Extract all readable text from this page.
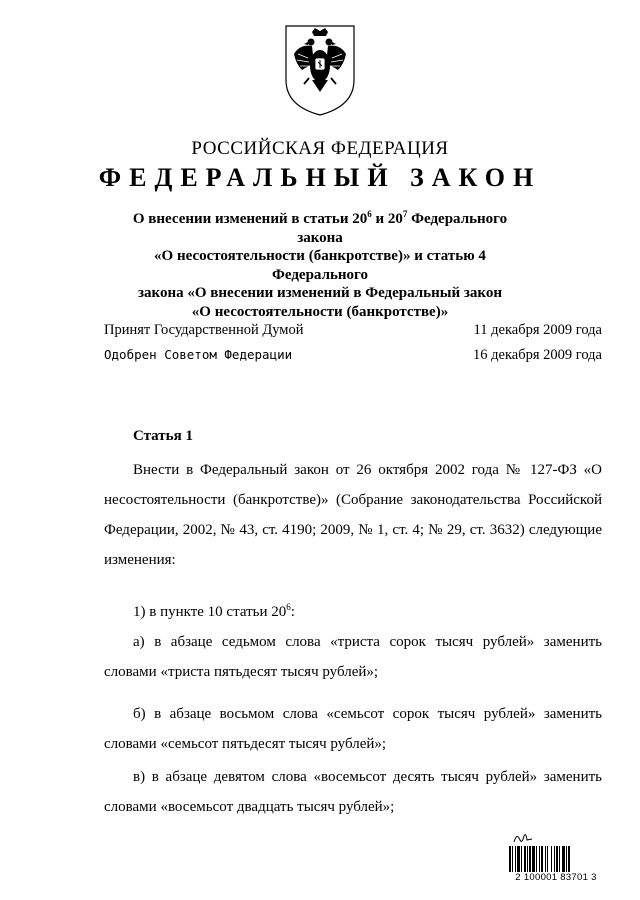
РОССИЙСКАЯ ФЕДЕРАЦИЯ
ФЕДЕРАЛЬНЫЙ ЗАКОН
О внесении изменений в статьи $20^6$ и $20^7$ Федерального закона
«О несостоятельности (банкротстве)» и статью 4 Федерального
закона «О внесении изменений в Федеральный закон
«О несостоятельности (банкротстве)»
Принят Государственной Думой	11 декабря 2009 года
Одобрен Советом Федерации	16 декабря 2009 года
Статья 1
Внести в Федеральный закон от 26 октября 2002 года № 127-ФЗ «О несостоятельности (банкротстве)» (Собрание законодательства Российской Федерации, 2002, № 43, ст. 4190; 2009, № 1, ст. 4; № 29, ст. 3632) следующие изменения:
1) в пункте 10 статьи $20^6$:
а) в абзаце седьмом слова «триста сорок тысяч рублей» заменить словами «триста пятьдесят тысяч рублей»;
б) в абзаце восьмом слова «семьсот сорок тысяч рублей» заменить словами «семьсот пятьдесят тысяч рублей»;
в) в абзаце девятом слова «восемьсот десять тысяч рублей» заменить словами «восемьсот двадцать тысяч рублей»;
2 100001 83701 3
